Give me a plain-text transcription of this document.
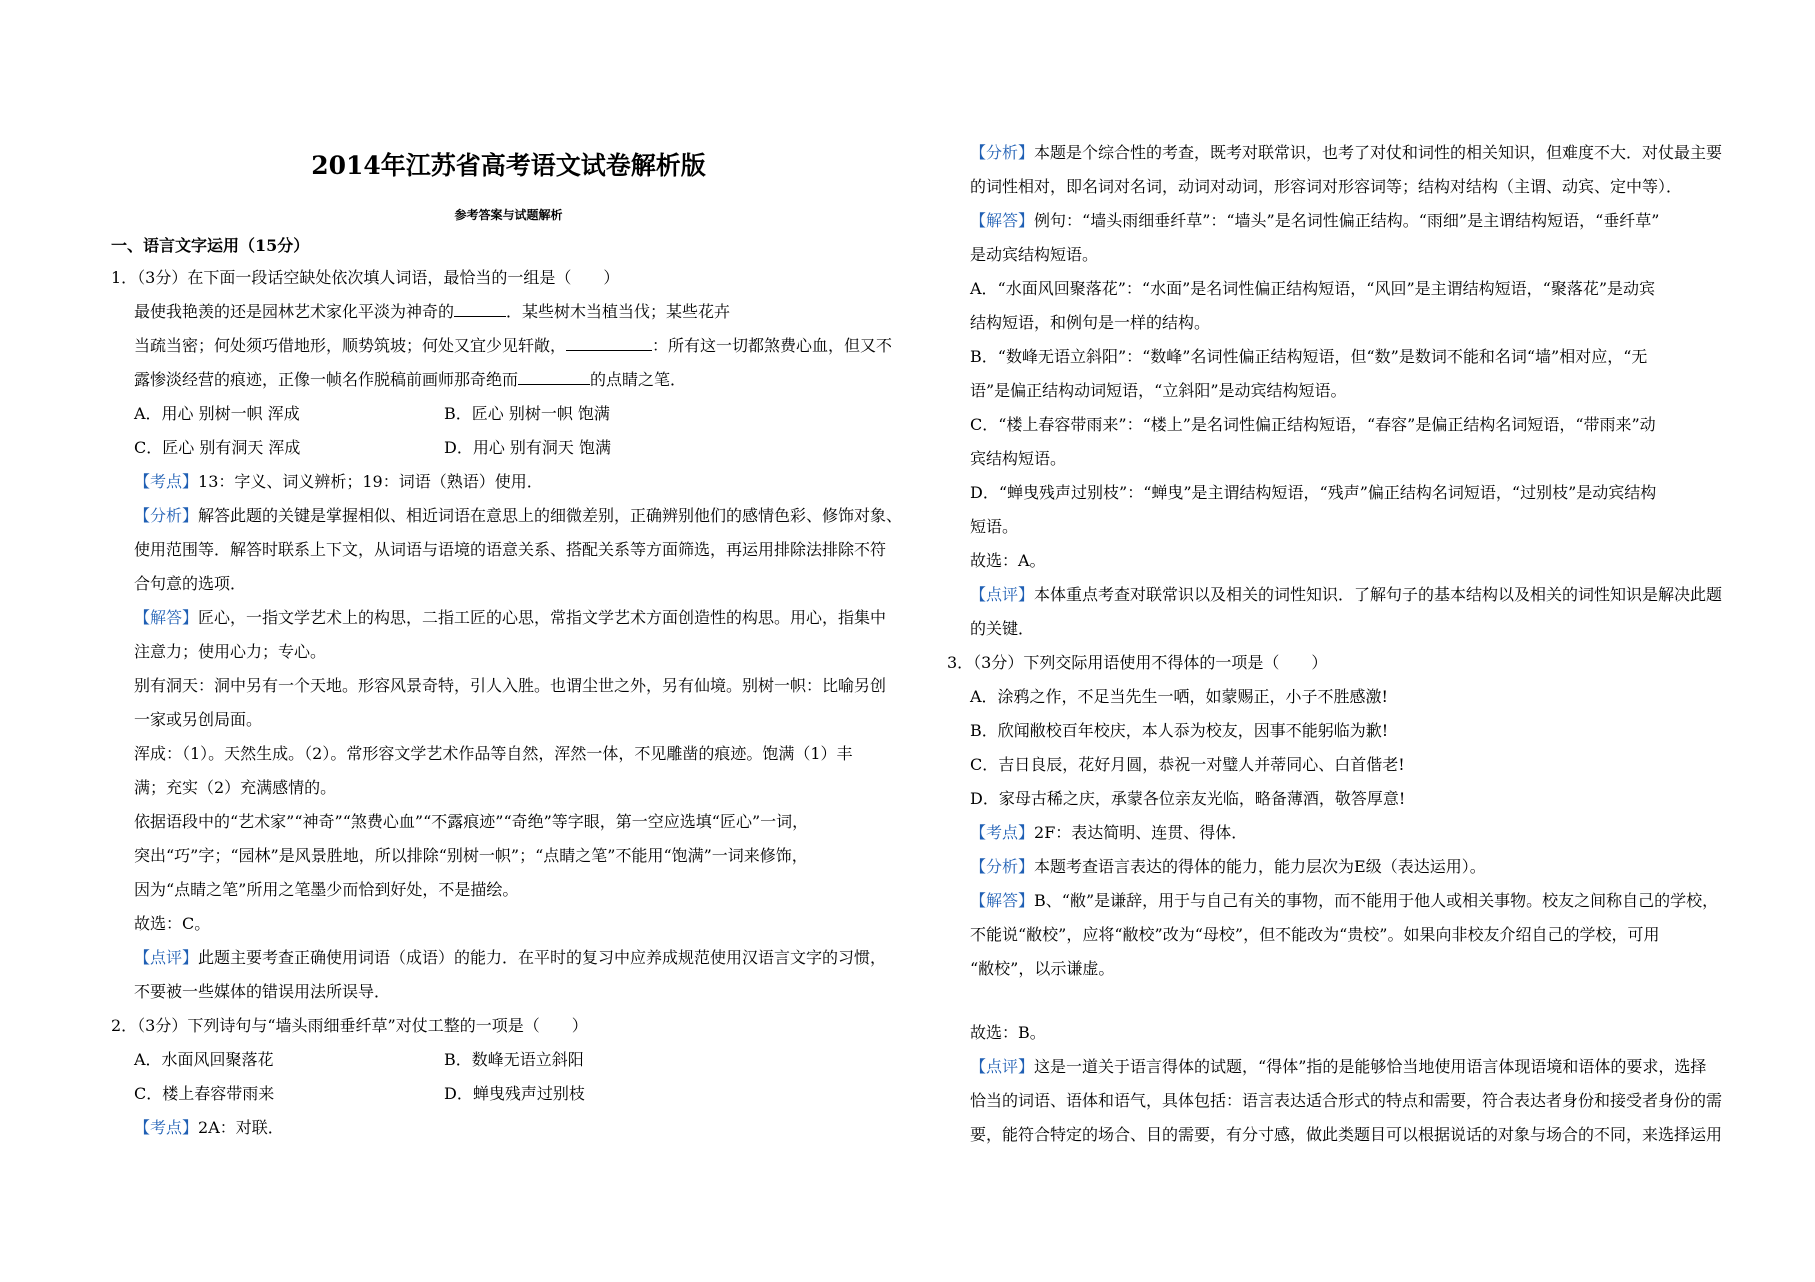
2014年江苏省高考语文试卷解析版
参考答案与试题解析
一、语言文字运用（15分）
1．（3分）在下面一段话空缺处依次填人词语，最恰当的一组是（　　）
最使我艳羡的还是园林艺术家化平淡为神奇的	．某些树木当植当伐；某些花卉
当疏当密；何处须巧借地形，顺势筑坡；何处又宜少见轩敞，	：所有这一切都煞费心血，但又不
露惨淡经营的痕迹，正像一帧名作脱稿前画师那奇绝而	的点睛之笔．
A．用心 别树一帜 浑成	B．匠心 别树一帜 饱满
C．匠心 别有洞天 浑成	D．用心 别有洞天 饱满
【考点】13：字义、词义辨析；19：词语（熟语）使用．
【分析】解答此题的关键是掌握相似、相近词语在意思上的细微差别，正确辨别他们的感情色彩、修饰对象、
使用范围等．解答时联系上下文，从词语与语境的语意关系、搭配关系等方面筛选，再运用排除法排除不符
合句意的选项．
【解答】匠心，一指文学艺术上的构思，二指工匠的心思，常指文学艺术方面创造性的构思。用心，指集中
注意力；使用心力；专心。
别有洞天：洞中另有一个天地。形容风景奇特，引人入胜。也谓尘世之外，另有仙境。别树一帜：比喻另创
一家或另创局面。
浑成：（1）。天然生成。（2）。常形容文学艺术作品等自然，浑然一体，不见雕凿的痕迹。饱满（1）丰
满；充实（2）充满感情的。
依据语段中的“艺术家”“神奇”“煞费心血”“不露痕迹”“奇绝”等字眼，第一空应选填“匠心”一词，
突出“巧”字；“园林”是风景胜地，所以排除“别树一帜”；“点睛之笔”不能用“饱满”一词来修饰，
因为“点睛之笔”所用之笔墨少而恰到好处，不是描绘。
故选：C。
【点评】此题主要考查正确使用词语（成语）的能力．在平时的复习中应养成规范使用汉语言文字的习惯，
不要被一些媒体的错误用法所误导．
2．（3分）下列诗句与“墙头雨细垂纤草”对仗工整的一项是（　　）
A．水面风回聚落花	B．数峰无语立斜阳
C．楼上春容带雨来	D．蝉曳残声过别枝
【考点】2A：对联．
【分析】本题是个综合性的考查，既考对联常识，也考了对仗和词性的相关知识，但难度不大．对仗最主要
的词性相对，即名词对名词，动词对动词，形容词对形容词等；结构对结构（主谓、动宾、定中等）．
【解答】例句：“墙头雨细垂纤草”：“墙头”是名词性偏正结构。“雨细”是主谓结构短语，“垂纤草”
是动宾结构短语。
A．“水面风回聚落花”：“水面”是名词性偏正结构短语，“风回”是主谓结构短语，“聚落花”是动宾
结构短语，和例句是一样的结构。
B．“数峰无语立斜阳”：“数峰”名词性偏正结构短语，但“数”是数词不能和名词“墙”相对应，“无
语”是偏正结构动词短语，“立斜阳”是动宾结构短语。
C．“楼上春容带雨来”：“楼上”是名词性偏正结构短语，“春容”是偏正结构名词短语，“带雨来”动
宾结构短语。
D．“蝉曳残声过别枝”：“蝉曳”是主谓结构短语，“残声”偏正结构名词短语，“过别枝”是动宾结构
短语。
故选：A。
【点评】本体重点考查对联常识以及相关的词性知识．了解句子的基本结构以及相关的词性知识是解决此题
的关键．
3．（3分）下列交际用语使用不得体的一项是（　　）
A．涂鸦之作，不足当先生一哂，如蒙赐正，小子不胜感激!
B．欣闻敝校百年校庆，本人忝为校友，因事不能躬临为歉!
C．吉日良辰，花好月圆，恭祝一对璧人并蒂同心、白首偕老!
D．家母古稀之庆，承蒙各位亲友光临，略备薄酒，敬答厚意!
【考点】2F：表达简明、连贯、得体．
【分析】本题考查语言表达的得体的能力，能力层次为E级（表达运用）。
【解答】B、“敝”是谦辞，用于与自己有关的事物，而不能用于他人或相关事物。校友之间称自己的学校，
不能说“敝校”，应将“敝校”改为“母校”，但不能改为“贵校”。如果向非校友介绍自己的学校，可用
“敝校”，以示谦虚。
故选：B。
【点评】这是一道关于语言得体的试题，“得体”指的是能够恰当地使用语言体现语境和语体的要求，选择
恰当的词语、语体和语气，具体包括：语言表达适合形式的特点和需要，符合表达者身份和接受者身份的需
要，能符合特定的场合、目的需要，有分寸感，做此类题目可以根据说话的对象与场合的不同，来选择运用
